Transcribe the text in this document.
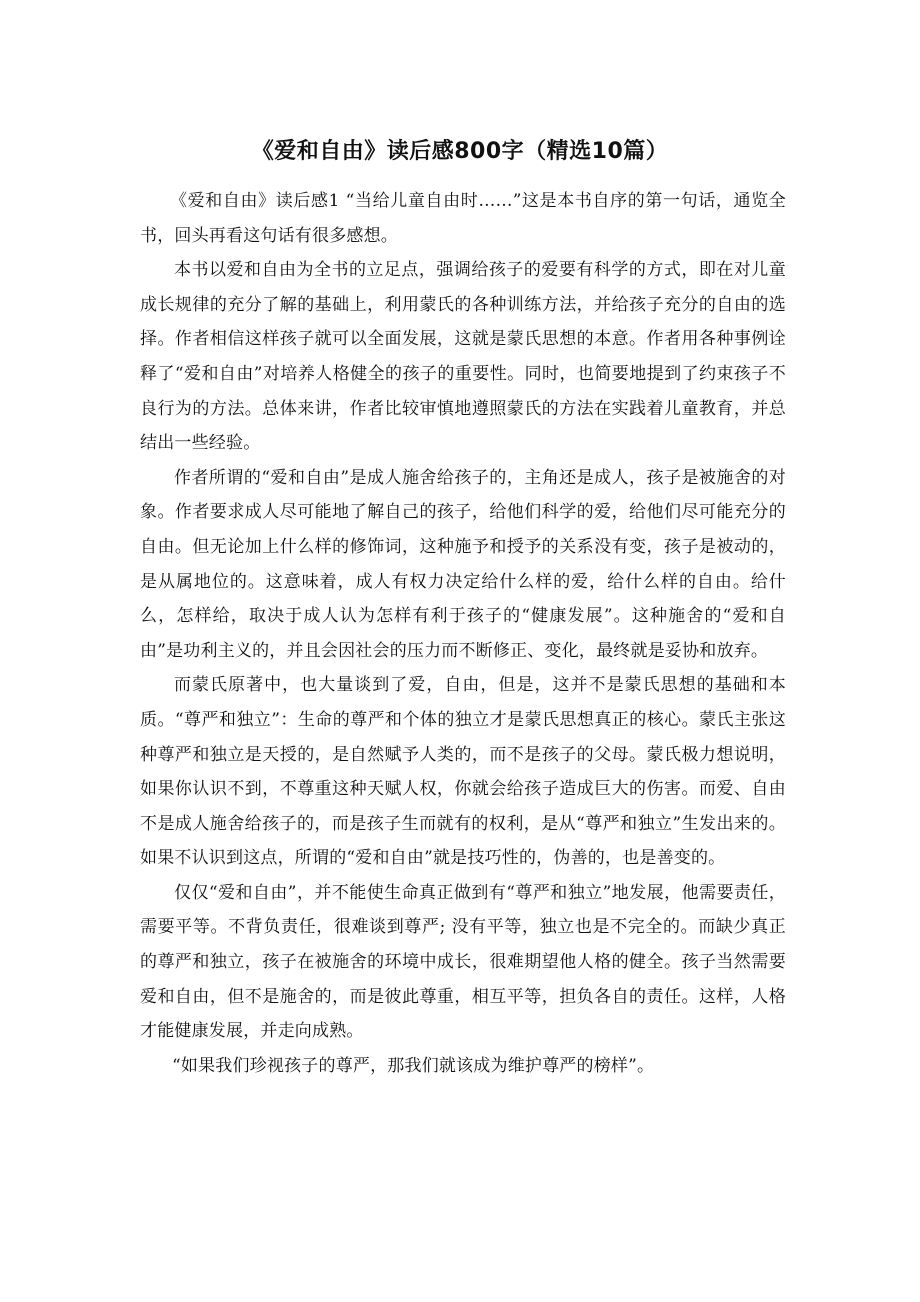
《爱和自由》读后感800字（精选10篇）

《爱和自由》读后感1 “当给儿童自由时……”这是本书自序的第一句话，通览全书，回头再看这句话有很多感想。

本书以爱和自由为全书的立足点，强调给孩子的爱要有科学的方式，即在对儿童成长规律的充分了解的基础上，利用蒙氏的各种训练方法，并给孩子充分的自由的选择。作者相信这样孩子就可以全面发展，这就是蒙氏思想的本意。作者用各种事例诠释了“爱和自由”对培养人格健全的孩子的重要性。同时，也简要地提到了约束孩子不良行为的方法。总体来讲，作者比较审慎地遵照蒙氏的方法在实践着儿童教育，并总结出一些经验。

作者所谓的“爱和自由”是成人施舍给孩子的，主角还是成人，孩子是被施舍的对象。作者要求成人尽可能地了解自己的孩子，给他们科学的爱，给他们尽可能充分的自由。但无论加上什么样的修饰词，这种施予和授予的关系没有变，孩子是被动的，是从属地位的。这意味着，成人有权力决定给什么样的爱，给什么样的自由。给什么，怎样给，取决于成人认为怎样有利于孩子的“健康发展”。这种施舍的“爱和自由”是功利主义的，并且会因社会的压力而不断修正、变化，最终就是妥协和放弃。

而蒙氏原著中，也大量谈到了爱，自由，但是，这并不是蒙氏思想的基础和本质。“尊严和独立”：生命的尊严和个体的独立才是蒙氏思想真正的核心。蒙氏主张这种尊严和独立是天授的，是自然赋予人类的，而不是孩子的父母。蒙氏极力想说明，如果你认识不到，不尊重这种天赋人权，你就会给孩子造成巨大的伤害。而爱、自由不是成人施舍给孩子的，而是孩子生而就有的权利，是从“尊严和独立”生发出来的。如果不认识到这点，所谓的“爱和自由”就是技巧性的，伪善的，也是善变的。

仅仅“爱和自由”，并不能使生命真正做到有“尊严和独立”地发展，他需要责任，需要平等。不背负责任，很难谈到尊严; 没有平等，独立也是不完全的。而缺少真正的尊严和独立，孩子在被施舍的环境中成长，很难期望他人格的健全。孩子当然需要爱和自由，但不是施舍的，而是彼此尊重，相互平等，担负各自的责任。这样，人格才能健康发展，并走向成熟。

“如果我们珍视孩子的尊严，那我们就该成为维护尊严的榜样”。
